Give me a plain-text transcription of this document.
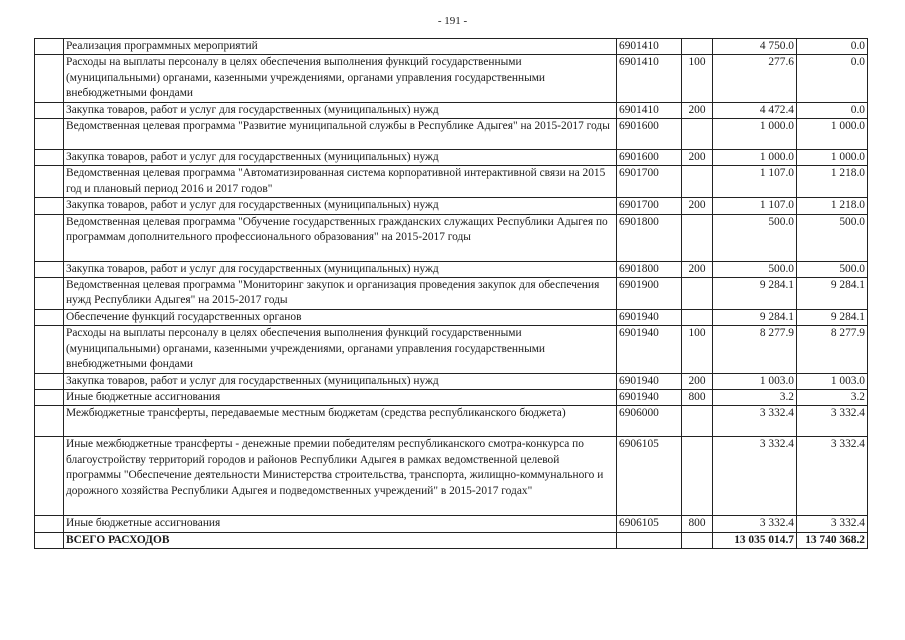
- 191 -
	Реализация программных мероприятий	6901410		4 750.0	0.0
	Расходы на выплаты персоналу в целях обеспечения выполнения функций государственными (муниципальными) органами, казенными учреждениями, органами управления государственными внебюджетными фондами	6901410	100	277.6	0.0
	Закупка товаров, работ и услуг для государственных (муниципальных) нужд	6901410	200	4 472.4	0.0
	Ведомственная целевая программа "Развитие муниципальной службы в Республике Адыгея" на 2015-2017 годы	6901600		1 000.0	1 000.0
	Закупка товаров, работ и услуг для государственных (муниципальных) нужд	6901600	200	1 000.0	1 000.0
	Ведомственная целевая программа "Автоматизированная система корпоративной интерактивной связи на 2015 год и плановый период 2016 и 2017 годов"	6901700		1 107.0	1 218.0
	Закупка товаров, работ и услуг для государственных (муниципальных) нужд	6901700	200	1 107.0	1 218.0
	Ведомственная целевая программа "Обучение государственных гражданских служащих Республики Адыгея по программам дополнительного профессионального образования" на 2015-2017 годы	6901800		500.0	500.0
	Закупка товаров, работ и услуг для государственных (муниципальных) нужд	6901800	200	500.0	500.0
	Ведомственная целевая программа "Мониторинг закупок и организация проведения закупок для обеспечения нужд Республики Адыгея" на 2015-2017 годы	6901900		9 284.1	9 284.1
	Обеспечение функций государственных органов	6901940		9 284.1	9 284.1
	Расходы на выплаты персоналу в целях обеспечения выполнения функций государственными (муниципальными) органами, казенными учреждениями, органами управления государственными внебюджетными фондами	6901940	100	8 277.9	8 277.9
	Закупка товаров, работ и услуг для государственных (муниципальных) нужд	6901940	200	1 003.0	1 003.0
	Иные бюджетные ассигнования	6901940	800	3.2	3.2
	Межбюджетные трансферты, передаваемые местным бюджетам (средства республиканского бюджета)	6906000		3 332.4	3 332.4
	Иные межбюджетные трансферты - денежные премии победителям республиканского смотра-конкурса по благоустройству территорий городов и районов Республики Адыгея в рамках ведомственной целевой программы "Обеспечение деятельности Министерства строительства, транспорта, жилищно-коммунального и дорожного хозяйства Республики Адыгея и подведомственных учреждений" в 2015-2017 годах"	6906105		3 332.4	3 332.4
	Иные бюджетные ассигнования	6906105	800	3 332.4	3 332.4
	ВСЕГО РАСХОДОВ			13 035 014.7	13 740 368.2
